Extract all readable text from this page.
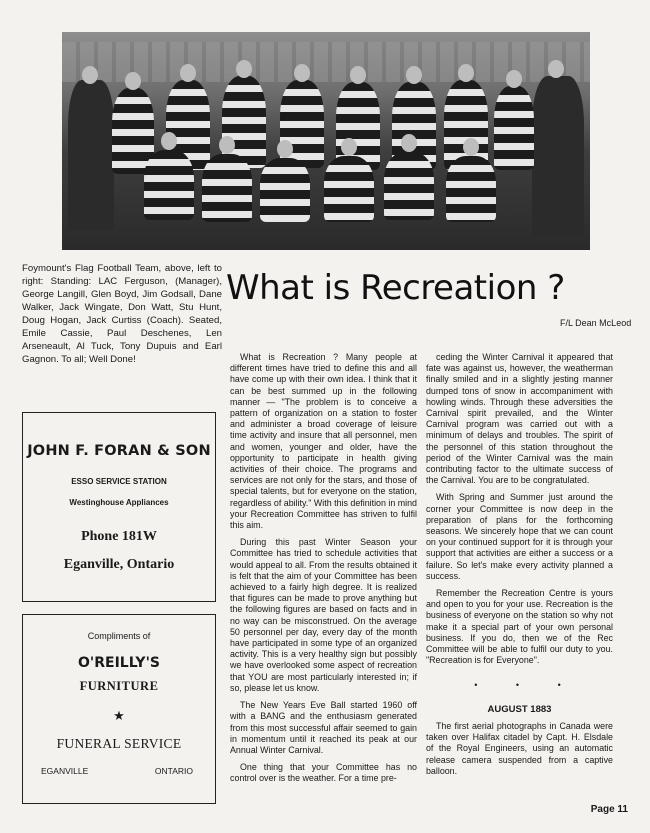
Foymount's Flag Football Team, above, left to right: Standing: LAC Ferguson, (Manager), George Langill, Glen Boyd, Jim Godsall, Dane Walker, Jack Wingate, Don Watt, Stu Hunt, Doug Hogan, Jack Curtiss (Coach). Seated, Emile Cassie, Paul Deschenes, Len Arseneault, Al Tuck, Tony Dupuis and Earl Gagnon. To all; Well Done!
What is Recreation ?
F/L Dean McLeod
JOHN F. FORAN & SON
ESSO SERVICE STATION
Westinghouse Appliances
Phone 181W
Eganville, Ontario
Compliments of
O'REILLY'S
FURNITURE
★
FUNERAL SERVICE
EGANVILLE	ONTARIO

What is Recreation ? Many people at different times have tried to define this and all have come up with their own idea. I think that it can be best summed up in the following manner — "The problem is to conceive a pattern of organization on a station to foster and administer a broad coverage of leisure time activity and insure that all personnel, men and women, younger and older, have the opportunity to participate in health giving activities of their choice. The programs and services are not only for the stars, and those of special talents, but for everyone on the station, regardless of ability." With this definition in mind your Recreation Committee has striven to fulfil this aim.

During this past Winter Season your Committee has tried to schedule activities that would appeal to all. From the results obtained it is felt that the aim of your Committee has been achieved to a fairly high degree. It is realized that figures can be made to prove anything but the following figures are based on facts and in no way can be misconstrued. On the average 50 personnel per day, every day of the month have participated in some type of an organized activity. This is a very healthy sign but possibly we have overlooked some aspect of recreation that YOU are most particularly interested in; if so, please let us know.

The New Years Eve Ball started 1960 off with a BANG and the enthusiasm generated from this most successful affair seemed to gain in momentum until it reached its peak at our Annual Winter Carnival.

One thing that your Committee has no control over is the weather. For a time pre-

ceding the Winter Carnival it appeared that fate was against us, however, the weatherman finally smiled and in a slightly jesting manner dumped tons of snow in accompaniment with howling winds. Through these adversities the Carnival spirit prevailed, and the Winter Carnival program was carried out with a minimum of delays and troubles. The spirit of the personnel of this station throughout the period of the Winter Carnival was the main contributing factor to the ultimate success of the Carnival. You are to be congratulated.

With Spring and Summer just around the corner your Committee is now deep in the preparation of plans for the forthcoming seasons. We sincerely hope that we can count on your continued support for it is through your support that activities are either a success or a failure. So let's make every activity planned a success.

Remember the Recreation Centre is yours and open to you for your use. Recreation is the business of everyone on the station so why not make it a special part of your own personal business. If you do, then we of the Rec Committee will be able to fulfil our duty to you. "Recreation is for Everyone".

• • •
AUGUST 1883

The first aerial photographs in Canada were taken over Halifax citadel by Capt. H. Elsdale of the Royal Engineers, using an automatic release camera suspended from a captive balloon.

Page 11
